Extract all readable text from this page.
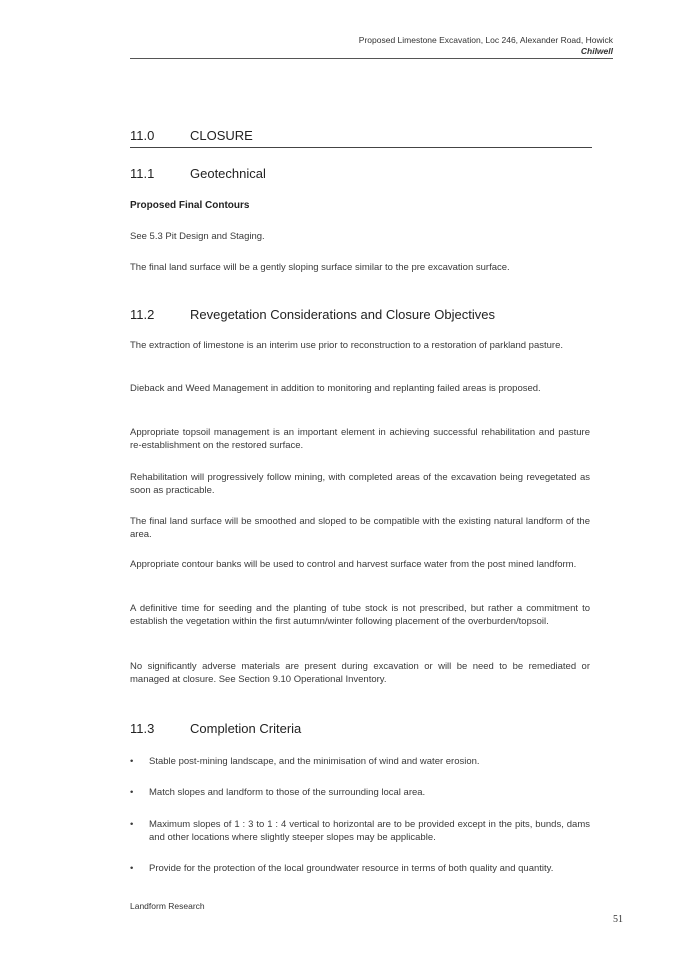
Proposed Limestone Excavation, Loc 246, Alexander Road, Howick
Chilwell
11.0	CLOSURE
11.1	Geotechnical
Proposed Final Contours
See 5.3 Pit Design and Staging.
The final land surface will be a gently sloping surface similar to the pre excavation surface.
11.2	Revegetation Considerations and Closure Objectives
The extraction of limestone is an interim use prior to reconstruction to a restoration of parkland pasture.
Dieback and Weed Management in addition to monitoring and replanting failed areas is proposed.
Appropriate topsoil management is an important element in achieving successful rehabilitation and pasture re-establishment on the restored surface.
Rehabilitation will progressively follow mining, with completed areas of the excavation being revegetated as soon as practicable.
The final land surface will be smoothed and sloped to be compatible with the existing natural landform of the area.
Appropriate contour banks will be used to control and harvest surface water from the post mined landform.
A definitive time for seeding and the planting of tube stock is not prescribed, but rather a commitment to establish the vegetation within the first autumn/winter following placement of the overburden/topsoil.
No significantly adverse materials are present during excavation or will be need to be remediated or managed at closure. See Section 9.10 Operational Inventory.
11.3	Completion Criteria
• Stable post-mining landscape, and the minimisation of wind and water erosion.
• Match slopes and landform to those of the surrounding local area.
• Maximum slopes of 1 : 3 to 1 : 4 vertical to horizontal are to be provided except in the pits, bunds, dams and other locations where slightly steeper slopes may be applicable.
• Provide for the protection of the local groundwater resource in terms of both quality and quantity.
Landform Research
51
